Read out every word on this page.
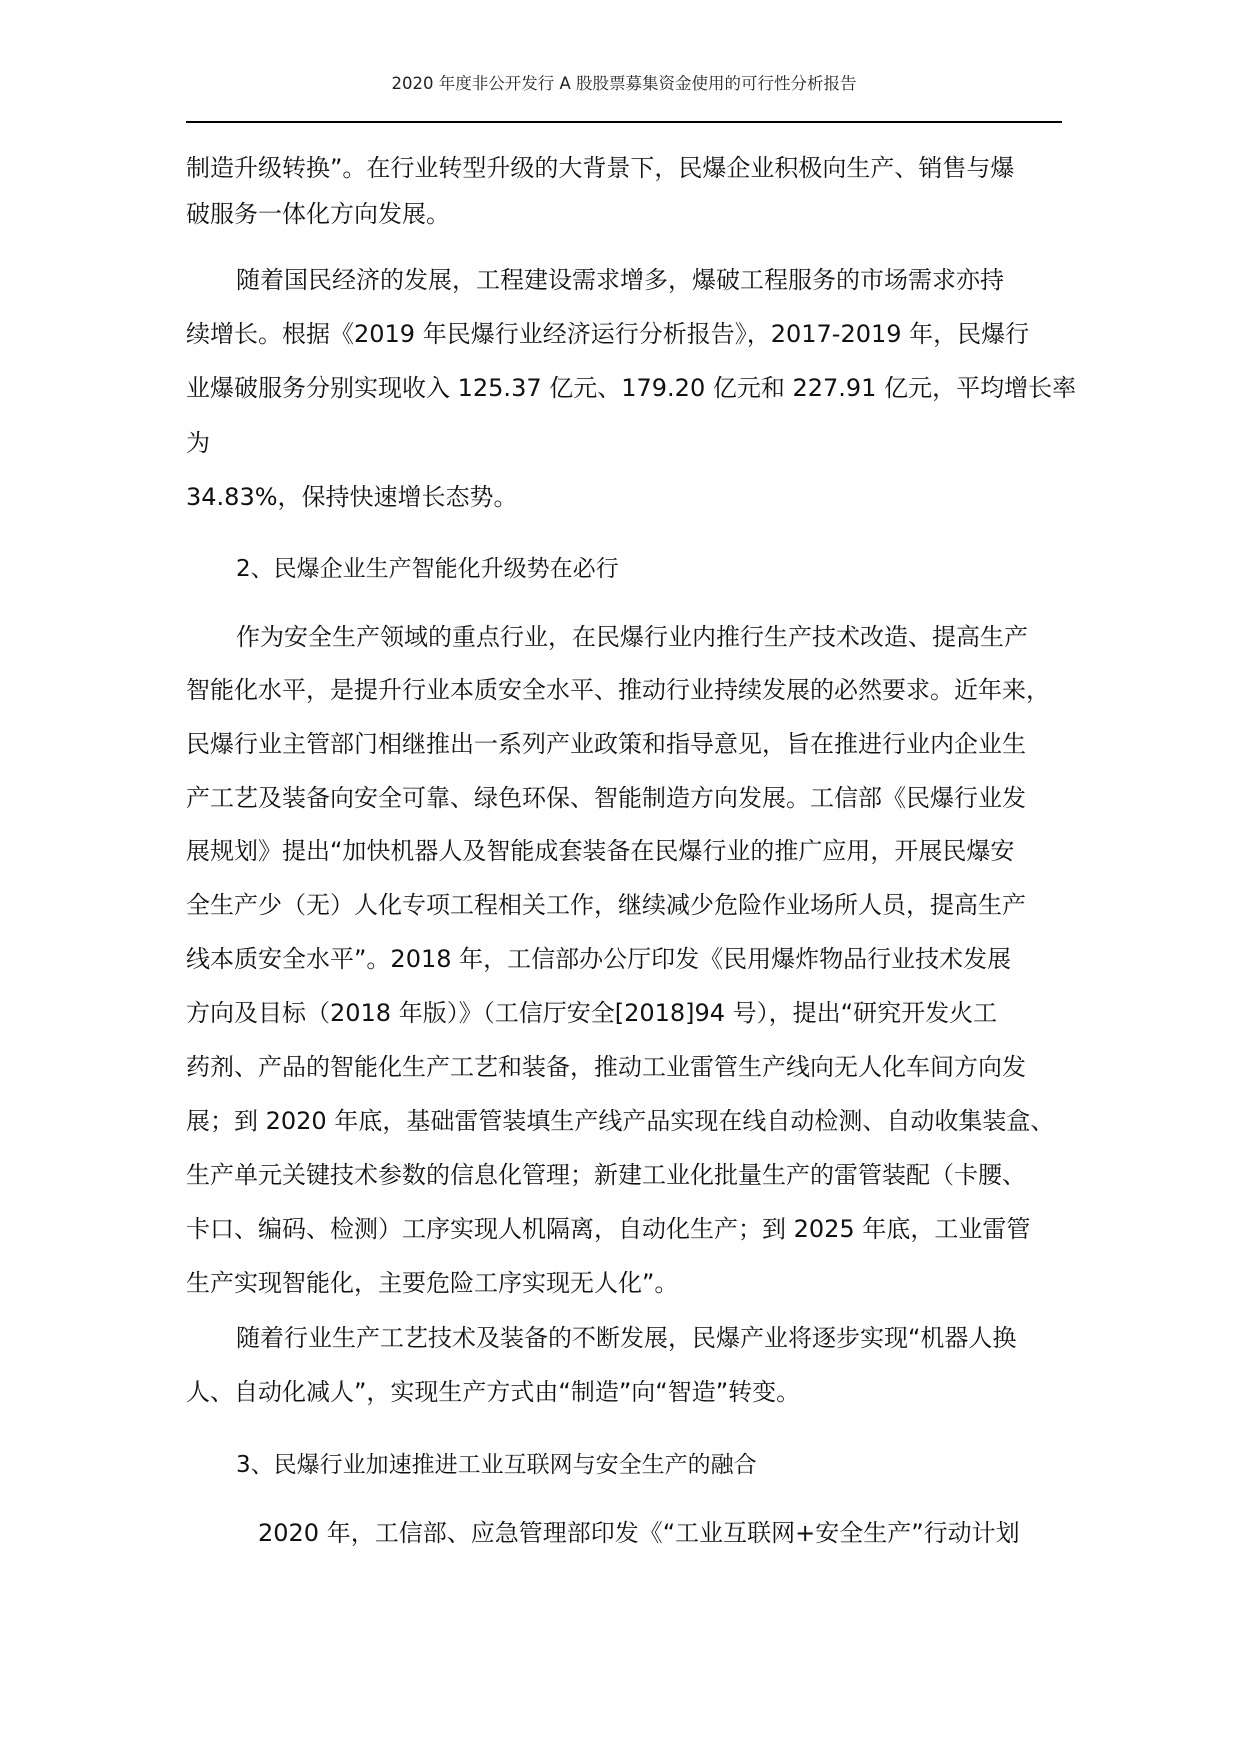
2020 年度非公开发行 A 股股票募集资金使用的可行性分析报告
制造升级转换”。在行业转型升级的大背景下，民爆企业积极向生产、销售与爆
破服务一体化方向发展。
随着国民经济的发展，工程建设需求增多，爆破工程服务的市场需求亦持
续增长。根据《2019 年民爆行业经济运行分析报告》，2017-2019 年，民爆行
业爆破服务分别实现收入 125.37 亿元、179.20 亿元和 227.91 亿元，平均增长率
为
34.83%，保持快速增长态势。
2、民爆企业生产智能化升级势在必行
作为安全生产领域的重点行业，在民爆行业内推行生产技术改造、提高生产
智能化水平，是提升行业本质安全水平、推动行业持续发展的必然要求。近年来，
民爆行业主管部门相继推出一系列产业政策和指导意见，旨在推进行业内企业生
产工艺及装备向安全可靠、绿色环保、智能制造方向发展。工信部《民爆行业发
展规划》提出“加快机器人及智能成套装备在民爆行业的推广应用，开展民爆安
全生产少（无）人化专项工程相关工作，继续减少危险作业场所人员，提高生产
线本质安全水平”。2018 年，工信部办公厅印发《民用爆炸物品行业技术发展
方向及目标（2018 年版）》（工信厅安全[2018]94 号），提出“研究开发火工
药剂、产品的智能化生产工艺和装备，推动工业雷管生产线向无人化车间方向发
展；到 2020 年底，基础雷管装填生产线产品实现在线自动检测、自动收集装盒、
生产单元关键技术参数的信息化管理；新建工业化批量生产的雷管装配（卡腰、
卡口、编码、检测）工序实现人机隔离，自动化生产；到 2025 年底，工业雷管
生产实现智能化，主要危险工序实现无人化”。
随着行业生产工艺技术及装备的不断发展，民爆产业将逐步实现“机器人换
人、自动化减人”，实现生产方式由“制造”向“智造”转变。
3、民爆行业加速推进工业互联网与安全生产的融合
2020 年，工信部、应急管理部印发《“工业互联网+安全生产”行动计划
